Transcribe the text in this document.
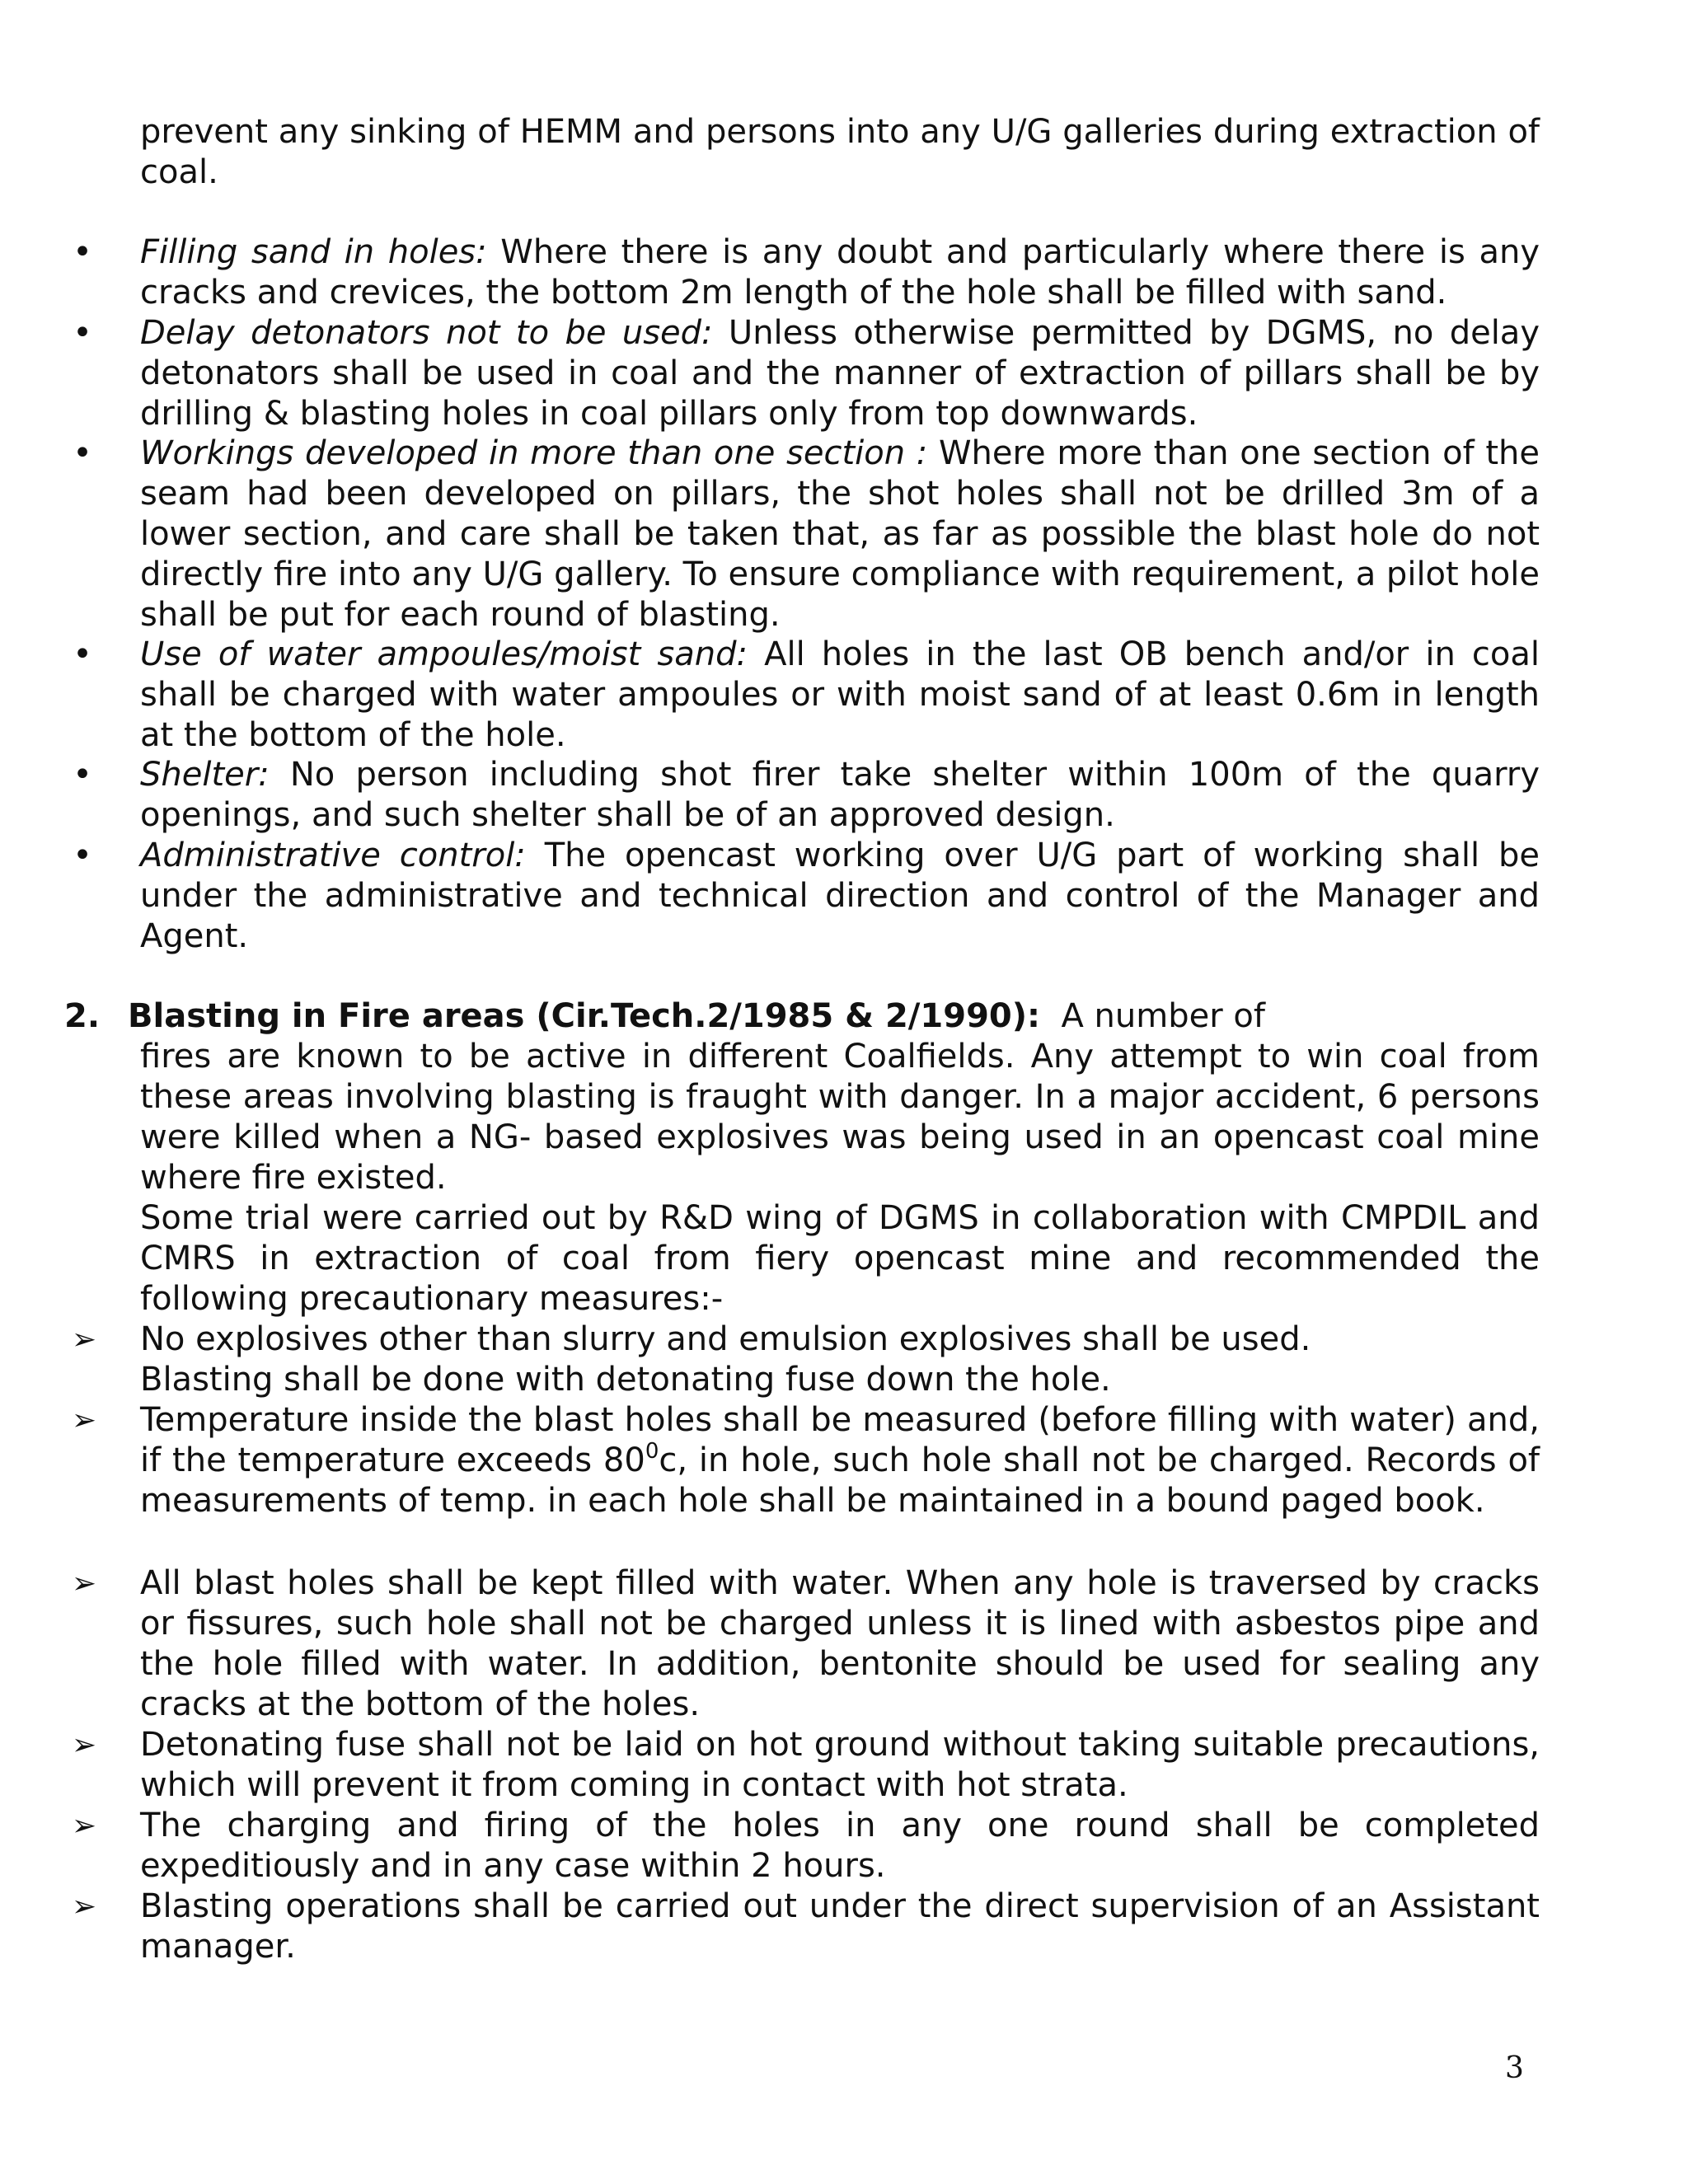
prevent any sinking of HEMM and persons into any U/G galleries during extraction of coal.
•	Filling sand in holes: Where there is any doubt and particularly where there is any cracks and crevices, the bottom 2m length of the hole shall be filled with sand.
•	Delay detonators not to be used: Unless otherwise permitted by DGMS, no delay detonators shall be used in coal and the manner of extraction of pillars shall be by drilling & blasting holes in coal pillars only from top downwards.
•	Workings developed in more than one section : Where more than one section of the seam had been developed on pillars, the shot holes shall not be drilled 3m of a lower section, and care shall be taken that, as far as possible the blast hole do not directly fire into any U/G gallery. To ensure compliance with requirement, a pilot hole shall be put for each round of blasting.
•	Use of water ampoules/moist sand: All holes in the last OB bench and/or in coal shall be charged with water ampoules or with moist sand of at least 0.6m in length at the bottom of the hole.
•	Shelter: No person including shot firer take shelter within 100m of the quarry openings, and such shelter shall be of an approved design.
•	Administrative control: The opencast working over U/G part of working shall be under the administrative and technical direction and control of the Manager and Agent.
2. Blasting in Fire areas (Cir.Tech.2/1985 & 2/1990): A number of
fires are known to be active in different Coalfields. Any attempt to win coal from these areas involving blasting is fraught with danger. In a major accident, 6 persons were killed when a NG- based explosives was being used in an opencast coal mine where fire existed.
Some trial were carried out by R&D wing of DGMS in collaboration with CMPDIL and CMRS in extraction of coal from fiery opencast mine and recommended the following precautionary measures:-
➢	No explosives other than slurry and emulsion explosives shall be used.
Blasting shall be done with detonating fuse down the hole.
➢	Temperature inside the blast holes shall be measured (before filling with water) and, if the temperature exceeds $80^0c$, in hole, such hole shall not be charged. Records of measurements of temp. in each hole shall be maintained in a bound paged book.
➢	All blast holes shall be kept filled with water. When any hole is traversed by cracks or fissures, such hole shall not be charged unless it is lined with asbestos pipe and the hole filled with water. In addition, bentonite should be used for sealing any cracks at the bottom of the holes.
➢	Detonating fuse shall not be laid on hot ground without taking suitable precautions, which will prevent it from coming in contact with hot strata.
➢	The charging and firing of the holes in any one round shall be completed expeditiously and in any case within 2 hours.
➢	Blasting operations shall be carried out under the direct supervision of an Assistant manager.
3
